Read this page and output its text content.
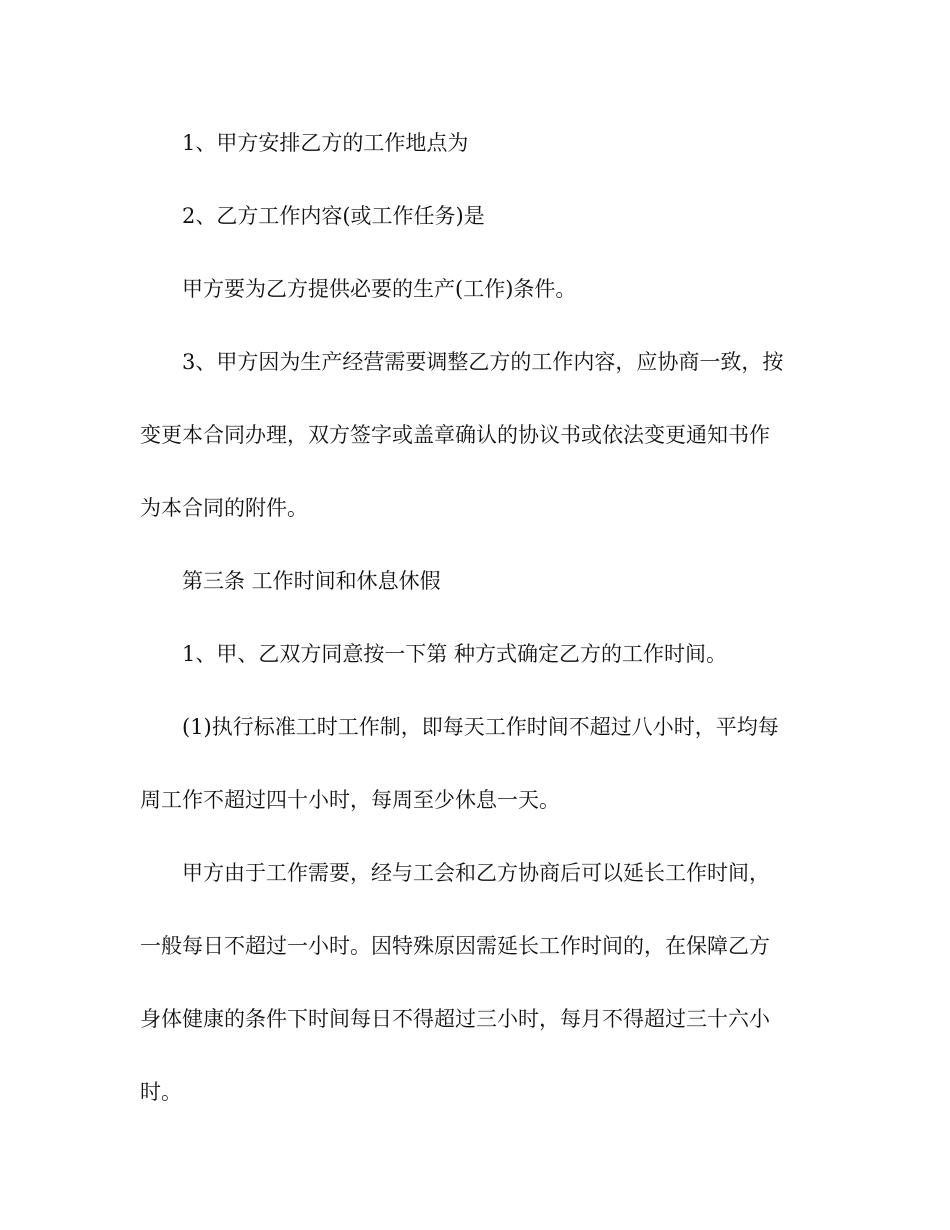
1、甲方安排乙方的工作地点为
2、乙方工作内容(或工作任务)是
甲方要为乙方提供必要的生产(工作)条件。
3、甲方因为生产经营需要调整乙方的工作内容，应协商一致，按
变更本合同办理，双方签字或盖章确认的协议书或依法变更通知书作
为本合同的附件。
第三条 工作时间和休息休假
1、甲、乙双方同意按一下第 种方式确定乙方的工作时间。
(1)执行标准工时工作制，即每天工作时间不超过八小时，平均每
周工作不超过四十小时，每周至少休息一天。
甲方由于工作需要，经与工会和乙方协商后可以延长工作时间，
一般每日不超过一小时。因特殊原因需延长工作时间的，在保障乙方
身体健康的条件下时间每日不得超过三小时，每月不得超过三十六小
时。
